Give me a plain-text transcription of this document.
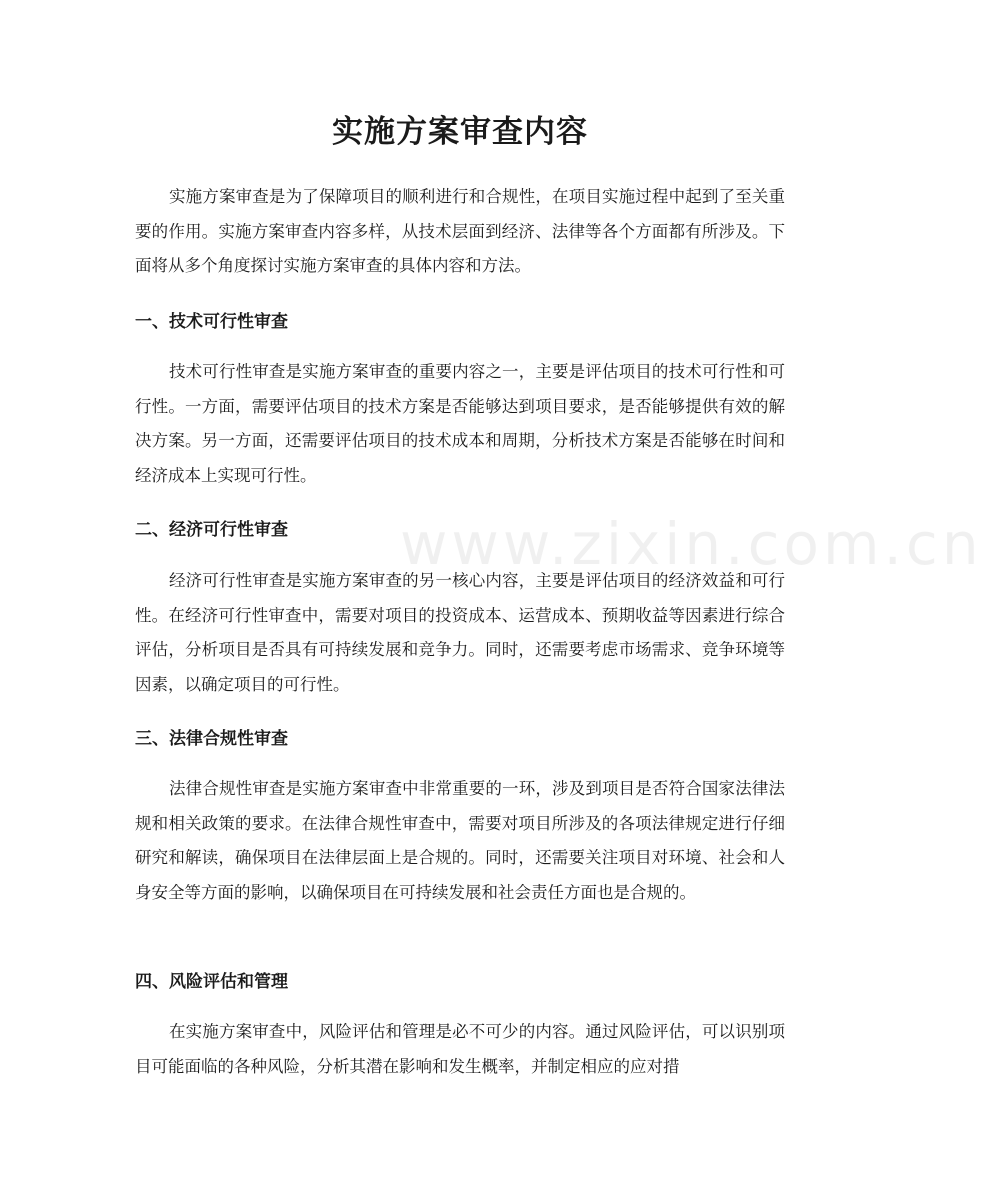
www.zixin.com.cn
实施方案审查内容

实施方案审查是为了保障项目的顺利进行和合规性，在项目实施过程中起到了至关重要的作用。实施方案审查内容多样，从技术层面到经济、法律等各个方面都有所涉及。下面将从多个角度探讨实施方案审查的具体内容和方法。

一、技术可行性审查

技术可行性审查是实施方案审查的重要内容之一，主要是评估项目的技术可行性和可行性。一方面，需要评估项目的技术方案是否能够达到项目要求，是否能够提供有效的解决方案。另一方面，还需要评估项目的技术成本和周期，分析技术方案是否能够在时间和经济成本上实现可行性。

二、经济可行性审查

经济可行性审查是实施方案审查的另一核心内容，主要是评估项目的经济效益和可行性。在经济可行性审查中，需要对项目的投资成本、运营成本、预期收益等因素进行综合评估，分析项目是否具有可持续发展和竞争力。同时，还需要考虑市场需求、竞争环境等因素，以确定项目的可行性。

三、法律合规性审查

法律合规性审查是实施方案审查中非常重要的一环，涉及到项目是否符合国家法律法规和相关政策的要求。在法律合规性审查中，需要对项目所涉及的各项法律规定进行仔细研究和解读，确保项目在法律层面上是合规的。同时，还需要关注项目对环境、社会和人身安全等方面的影响，以确保项目在可持续发展和社会责任方面也是合规的。

四、风险评估和管理

在实施方案审查中，风险评估和管理是必不可少的内容。通过风险评估，可以识别项目可能面临的各种风险，分析其潜在影响和发生概率，并制定相应的应对措
